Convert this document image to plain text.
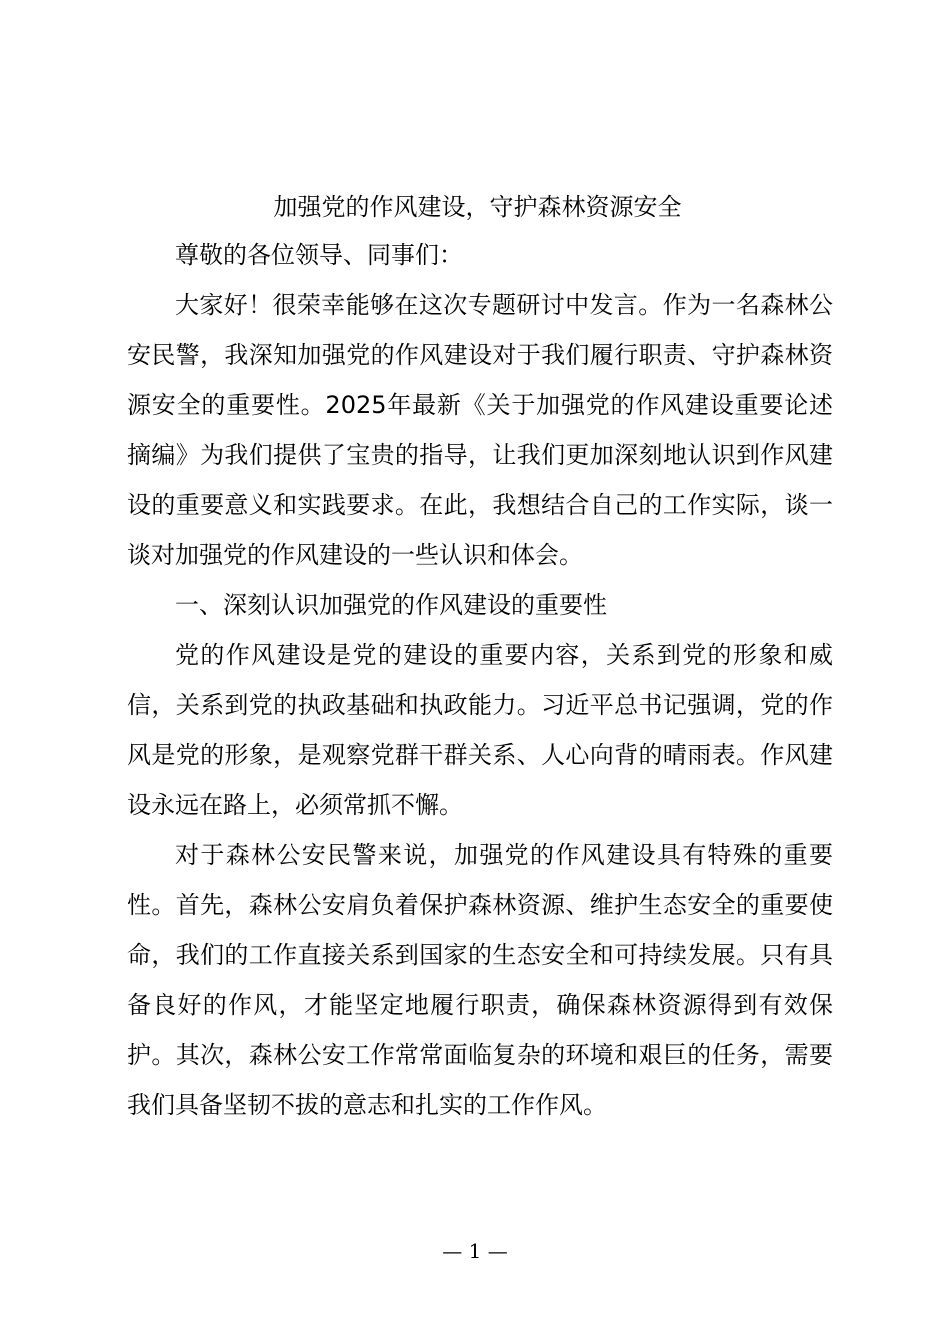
加强党的作风建设，守护森林资源安全

尊敬的各位领导、同事们：

大家好！很荣幸能够在这次专题研讨中发言。作为一名森林公安民警，我深知加强党的作风建设对于我们履行职责、守护森林资源安全的重要性。2025年最新《关于加强党的作风建设重要论述摘编》为我们提供了宝贵的指导，让我们更加深刻地认识到作风建设的重要意义和实践要求。在此，我想结合自己的工作实际，谈一谈对加强党的作风建设的一些认识和体会。

一、深刻认识加强党的作风建设的重要性

党的作风建设是党的建设的重要内容，关系到党的形象和威信，关系到党的执政基础和执政能力。习近平总书记强调，党的作风是党的形象，是观察党群干群关系、人心向背的晴雨表。作风建设永远在路上，必须常抓不懈。

对于森林公安民警来说，加强党的作风建设具有特殊的重要性。首先，森林公安肩负着保护森林资源、维护生态安全的重要使命，我们的工作直接关系到国家的生态安全和可持续发展。只有具备良好的作风，才能坚定地履行职责，确保森林资源得到有效保护。其次，森林公安工作常常面临复杂的环境和艰巨的任务，需要我们具备坚韧不拔的意志和扎实的工作作风。

— 1 —
